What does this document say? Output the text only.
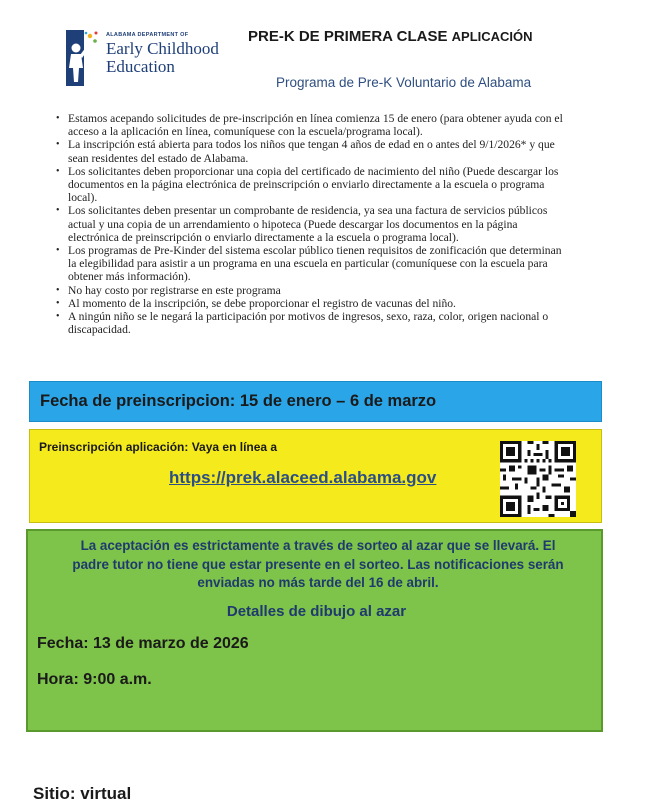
ALABAMA DEPARTMENT OF
Early Childhood
Education
PRE-K DE PRIMERA CLASE APLICACIÓN
Programa de Pre-K Voluntario de Alabama
• Estamos acepando solicitudes de pre-inscripción en línea comienza 15 de enero (para obtener ayuda con el acceso a la aplicación en línea, comuníquese con la escuela/programa local).
• La inscripción está abierta para todos los niños que tengan 4 años de edad en o antes del 9/1/2026* y que sean residentes del estado de Alabama.
• Los solicitantes deben proporcionar una copia del certificado de nacimiento del niño (Puede descargar los documentos en la página electrónica de preinscripción o enviarlo directamente a la escuela o programa local).
• Los solicitantes deben presentar un comprobante de residencia, ya sea una factura de servicios públicos actual y una copia de un arrendamiento o hipoteca (Puede descargar los documentos en la página electrónica de preinscripción o enviarlo directamente a la escuela o programa local).
• Los programas de Pre-Kinder del sistema escolar público tienen requisitos de zonificación que determinan la elegibilidad para asistir a un programa en una escuela en particular (comuníquese con la escuela para obtener más información).
• No hay costo por registrarse en este programa
• Al momento de la inscripción, se debe proporcionar el registro de vacunas del niño.
• A ningún niño se le negará la participación por motivos de ingresos, sexo, raza, color, origen nacional o discapacidad.
Fecha de preinscripcion: 15 de enero – 6 de marzo
Preinscripción aplicación: Vaya en línea a
https://prek.alaceed.alabama.gov
La aceptación es estrictamente a través de sorteo al azar que se llevará. El padre tutor no tiene que estar presente en el sorteo. Las notificaciones serán enviadas no más tarde del 16 de abril.
Detalles de dibujo al azar
Fecha: 13 de marzo de 2026
Hora: 9:00 a.m.
Sitio: virtual
